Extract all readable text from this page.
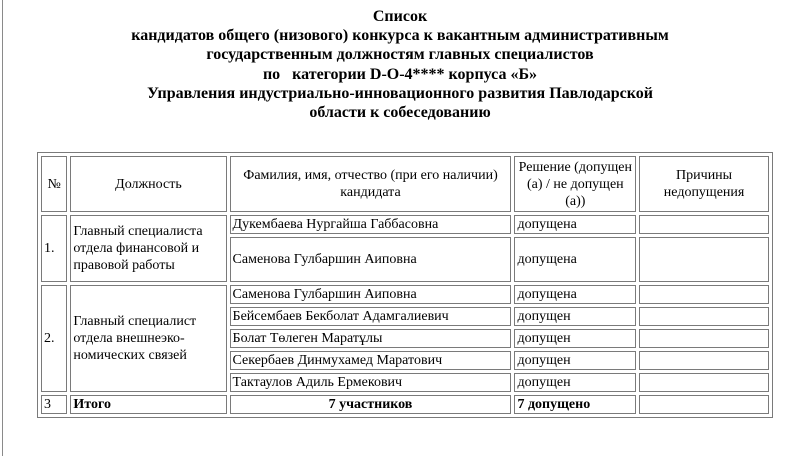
Список
кандидатов общего (низового) конкурса к вакантным административным
государственным должностям главных специалистов
по   категории D-O-4**** корпуса «Б»
Управления индустриально-инновационного развития Павлодарской
области к собеседованию
№	Должность	Фамилия, имя, отчество (при его наличии) кандидата	Решение (допущен (а) / не допущен (а))	Причины недопущения
1.	Главный специалиста отдела финансовой и правовой работы	Дукембаева Нургайша Габбасовна	допущена	
		Саменова Гулбаршин Аиповна	допущена	
2.	Главный специалист отдела внешнеэко-номических связей	Саменова Гулбаршин Аиповна	допущена	
		Бейсембаев Бекболат Адамгалиевич	допущен	
		Болат Төлеген Маратұлы	допущен	
		Секербаев Динмухамед Маратович	допущен	
		Тактаулов Адиль Ермекович	допущен	
3	Итого	7 участников	7 допущено	
